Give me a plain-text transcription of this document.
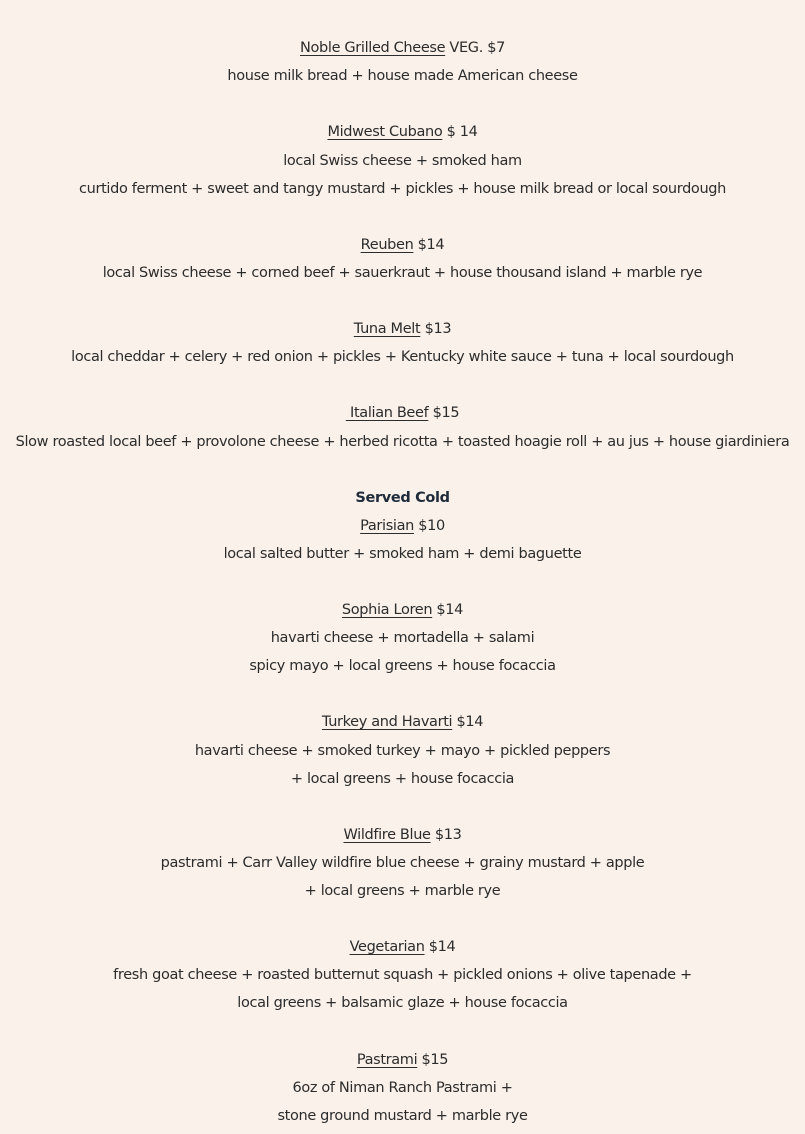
Noble Grilled Cheese VEG. $7
house milk bread + house made American cheese
Midwest Cubano $ 14
local Swiss cheese + smoked ham
curtido ferment + sweet and tangy mustard + pickles + house milk bread or local sourdough
Reuben $14
local Swiss cheese + corned beef + sauerkraut + house thousand island + marble rye
Tuna Melt $13
local cheddar + celery + red onion + pickles + Kentucky white sauce + tuna + local sourdough
Italian Beef $15
Slow roasted local beef + provolone cheese + herbed ricotta + toasted hoagie roll + au jus + house giardiniera
Served Cold
Parisian $10
local salted butter + smoked ham + demi baguette
Sophia Loren $14
havarti cheese + mortadella + salami
spicy mayo + local greens + house focaccia
Turkey and Havarti $14
havarti cheese + smoked turkey + mayo + pickled peppers
+ local greens + house focaccia
Wildfire Blue $13
pastrami + Carr Valley wildfire blue cheese + grainy mustard + apple
+ local greens + marble rye
Vegetarian $14
fresh goat cheese + roasted butternut squash + pickled onions + olive tapenade +
local greens + balsamic glaze + house focaccia
Pastrami $15
6oz of Niman Ranch Pastrami +
stone ground mustard + marble rye
